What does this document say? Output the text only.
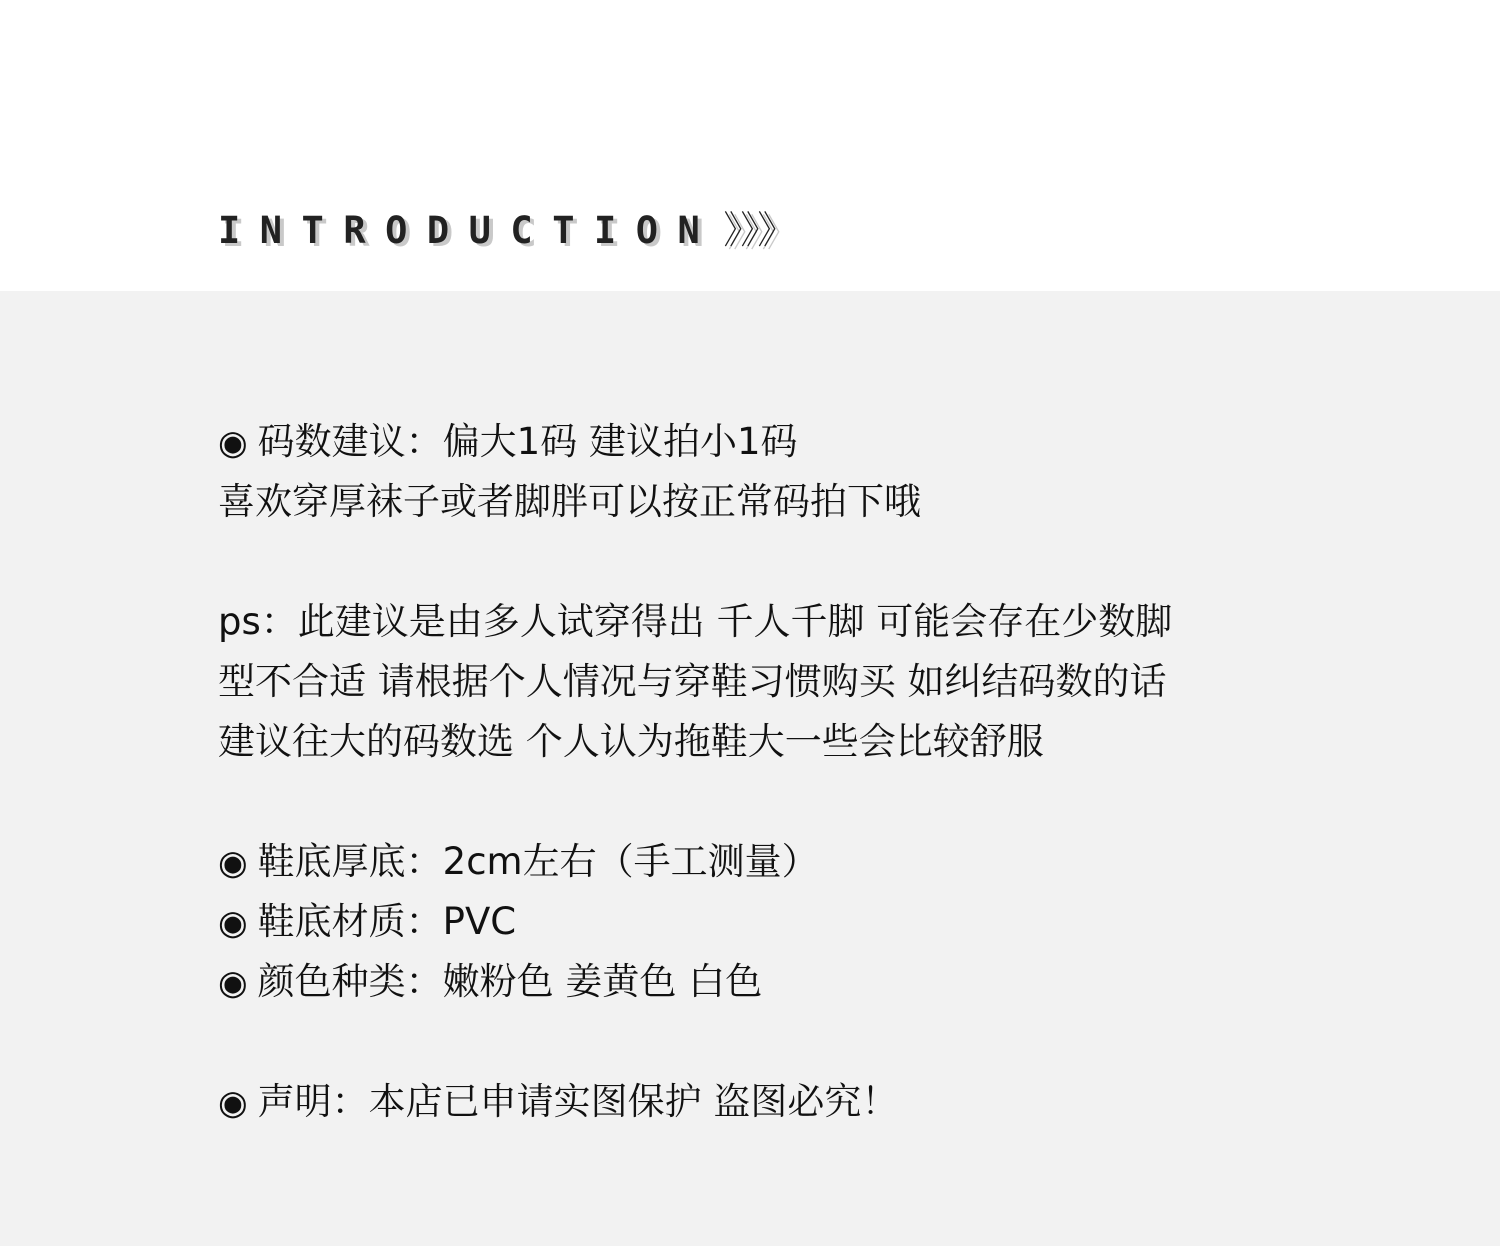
INTRODUCTION 》》》

◉ 码数建议：偏大1码 建议拍小1码

喜欢穿厚袜子或者脚胖可以按正常码拍下哦

ps：此建议是由多人试穿得出 千人千脚 可能会存在少数脚

型不合适 请根据个人情况与穿鞋习惯购买 如纠结码数的话

建议往大的码数选 个人认为拖鞋大一些会比较舒服

◉ 鞋底厚底：2cm左右（手工测量）

◉ 鞋底材质：PVC

◉ 颜色种类：嫩粉色 姜黄色 白色

◉ 声明：本店已申请实图保护 盗图必究！
